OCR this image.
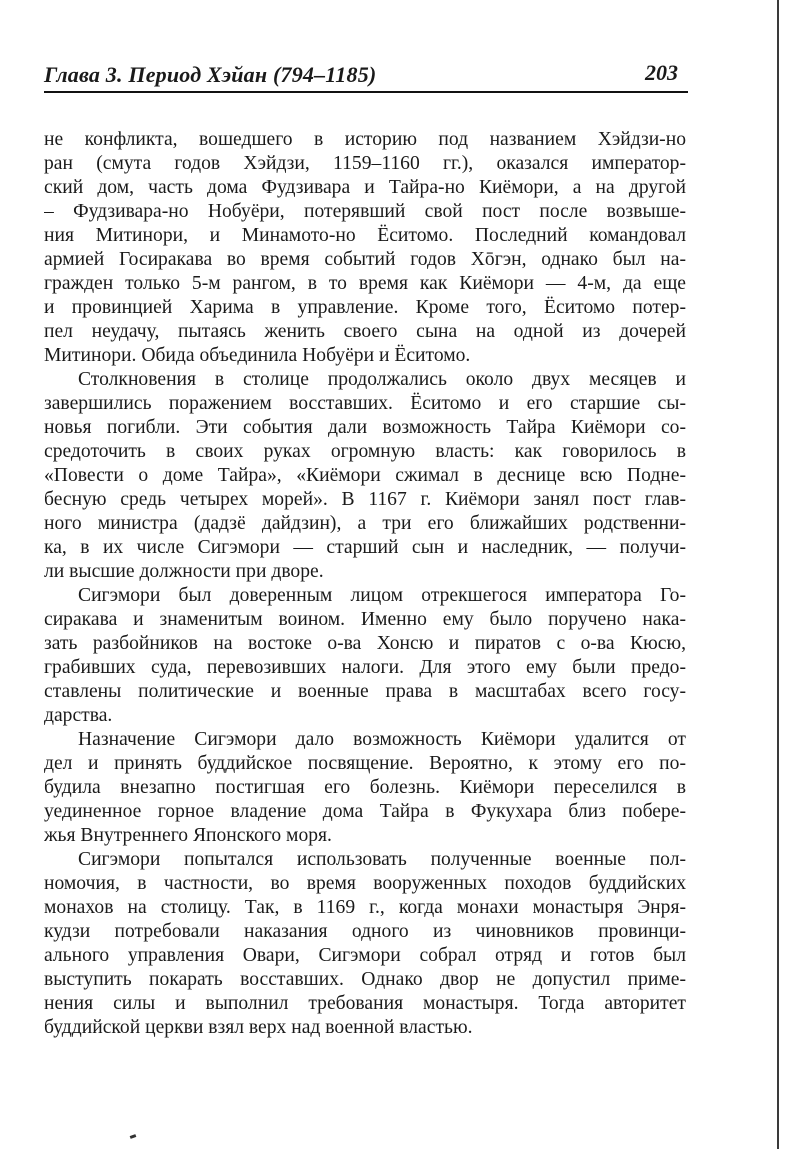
Глава 3. Период Хэйан (794–1185)	203
не конфликта, вошедшего в историю под названием Хэйдзи-но
ран (смута годов Хэйдзи, 1159–1160 гг.), оказался император-
ский дом, часть дома Фудзивара и Тайра-но Киёмори, а на другой
– Фудзивара-но Нобуёри, потерявший свой пост после возвыше-
ния Митинори, и Минамото-но Ёситомо. Последний командовал
армией Госиракава во время событий годов Хōгэн, однако был на-
гражден только 5-м рангом, в то время как Киёмори — 4-м, да еще
и провинцией Харима в управление. Кроме того, Ёситомо потер-
пел неудачу, пытаясь женить своего сына на одной из дочерей
Митинори. Обида объединила Нобуёри и Ёситомо.
Столкновения в столице продолжались около двух месяцев и
завершились поражением восставших. Ёситомо и его старшие сы-
новья погибли. Эти события дали возможность Тайра Киёмори со-
средоточить в своих руках огромную власть: как говорилось в
«Повести о доме Тайра», «Киёмори сжимал в деснице всю Подне-
бесную средь четырех морей». В 1167 г. Киёмори занял пост глав-
ного министра (дадзё дайдзин), а три его ближайших родственни-
ка, в их числе Сигэмори — старший сын и наследник, — получи-
ли высшие должности при дворе.
Сигэмори был доверенным лицом отрекшегося императора Го-
сиракава и знаменитым воином. Именно ему было поручено нака-
зать разбойников на востоке о-ва Хонсю и пиратов с о-ва Кюсю,
грабивших суда, перевозивших налоги. Для этого ему были предо-
ставлены политические и военные права в масштабах всего госу-
дарства.
Назначение Сигэмори дало возможность Киёмори удалится от
дел и принять буддийское посвящение. Вероятно, к этому его по-
будила внезапно постигшая его болезнь. Киёмори переселился в
уединенное горное владение дома Тайра в Фукухара близ побере-
жья Внутреннего Японского моря.
Сигэмори попытался использовать полученные военные пол-
номочия, в частности, во время вооруженных походов буддийских
монахов на столицу. Так, в 1169 г., когда монахи монастыря Энря-
кудзи потребовали наказания одного из чиновников провинци-
ального управления Овари, Сигэмори собрал отряд и готов был
выступить покарать восставших. Однако двор не допустил приме-
нения силы и выполнил требования монастыря. Тогда авторитет
буддийской церкви взял верх над военной властью.
